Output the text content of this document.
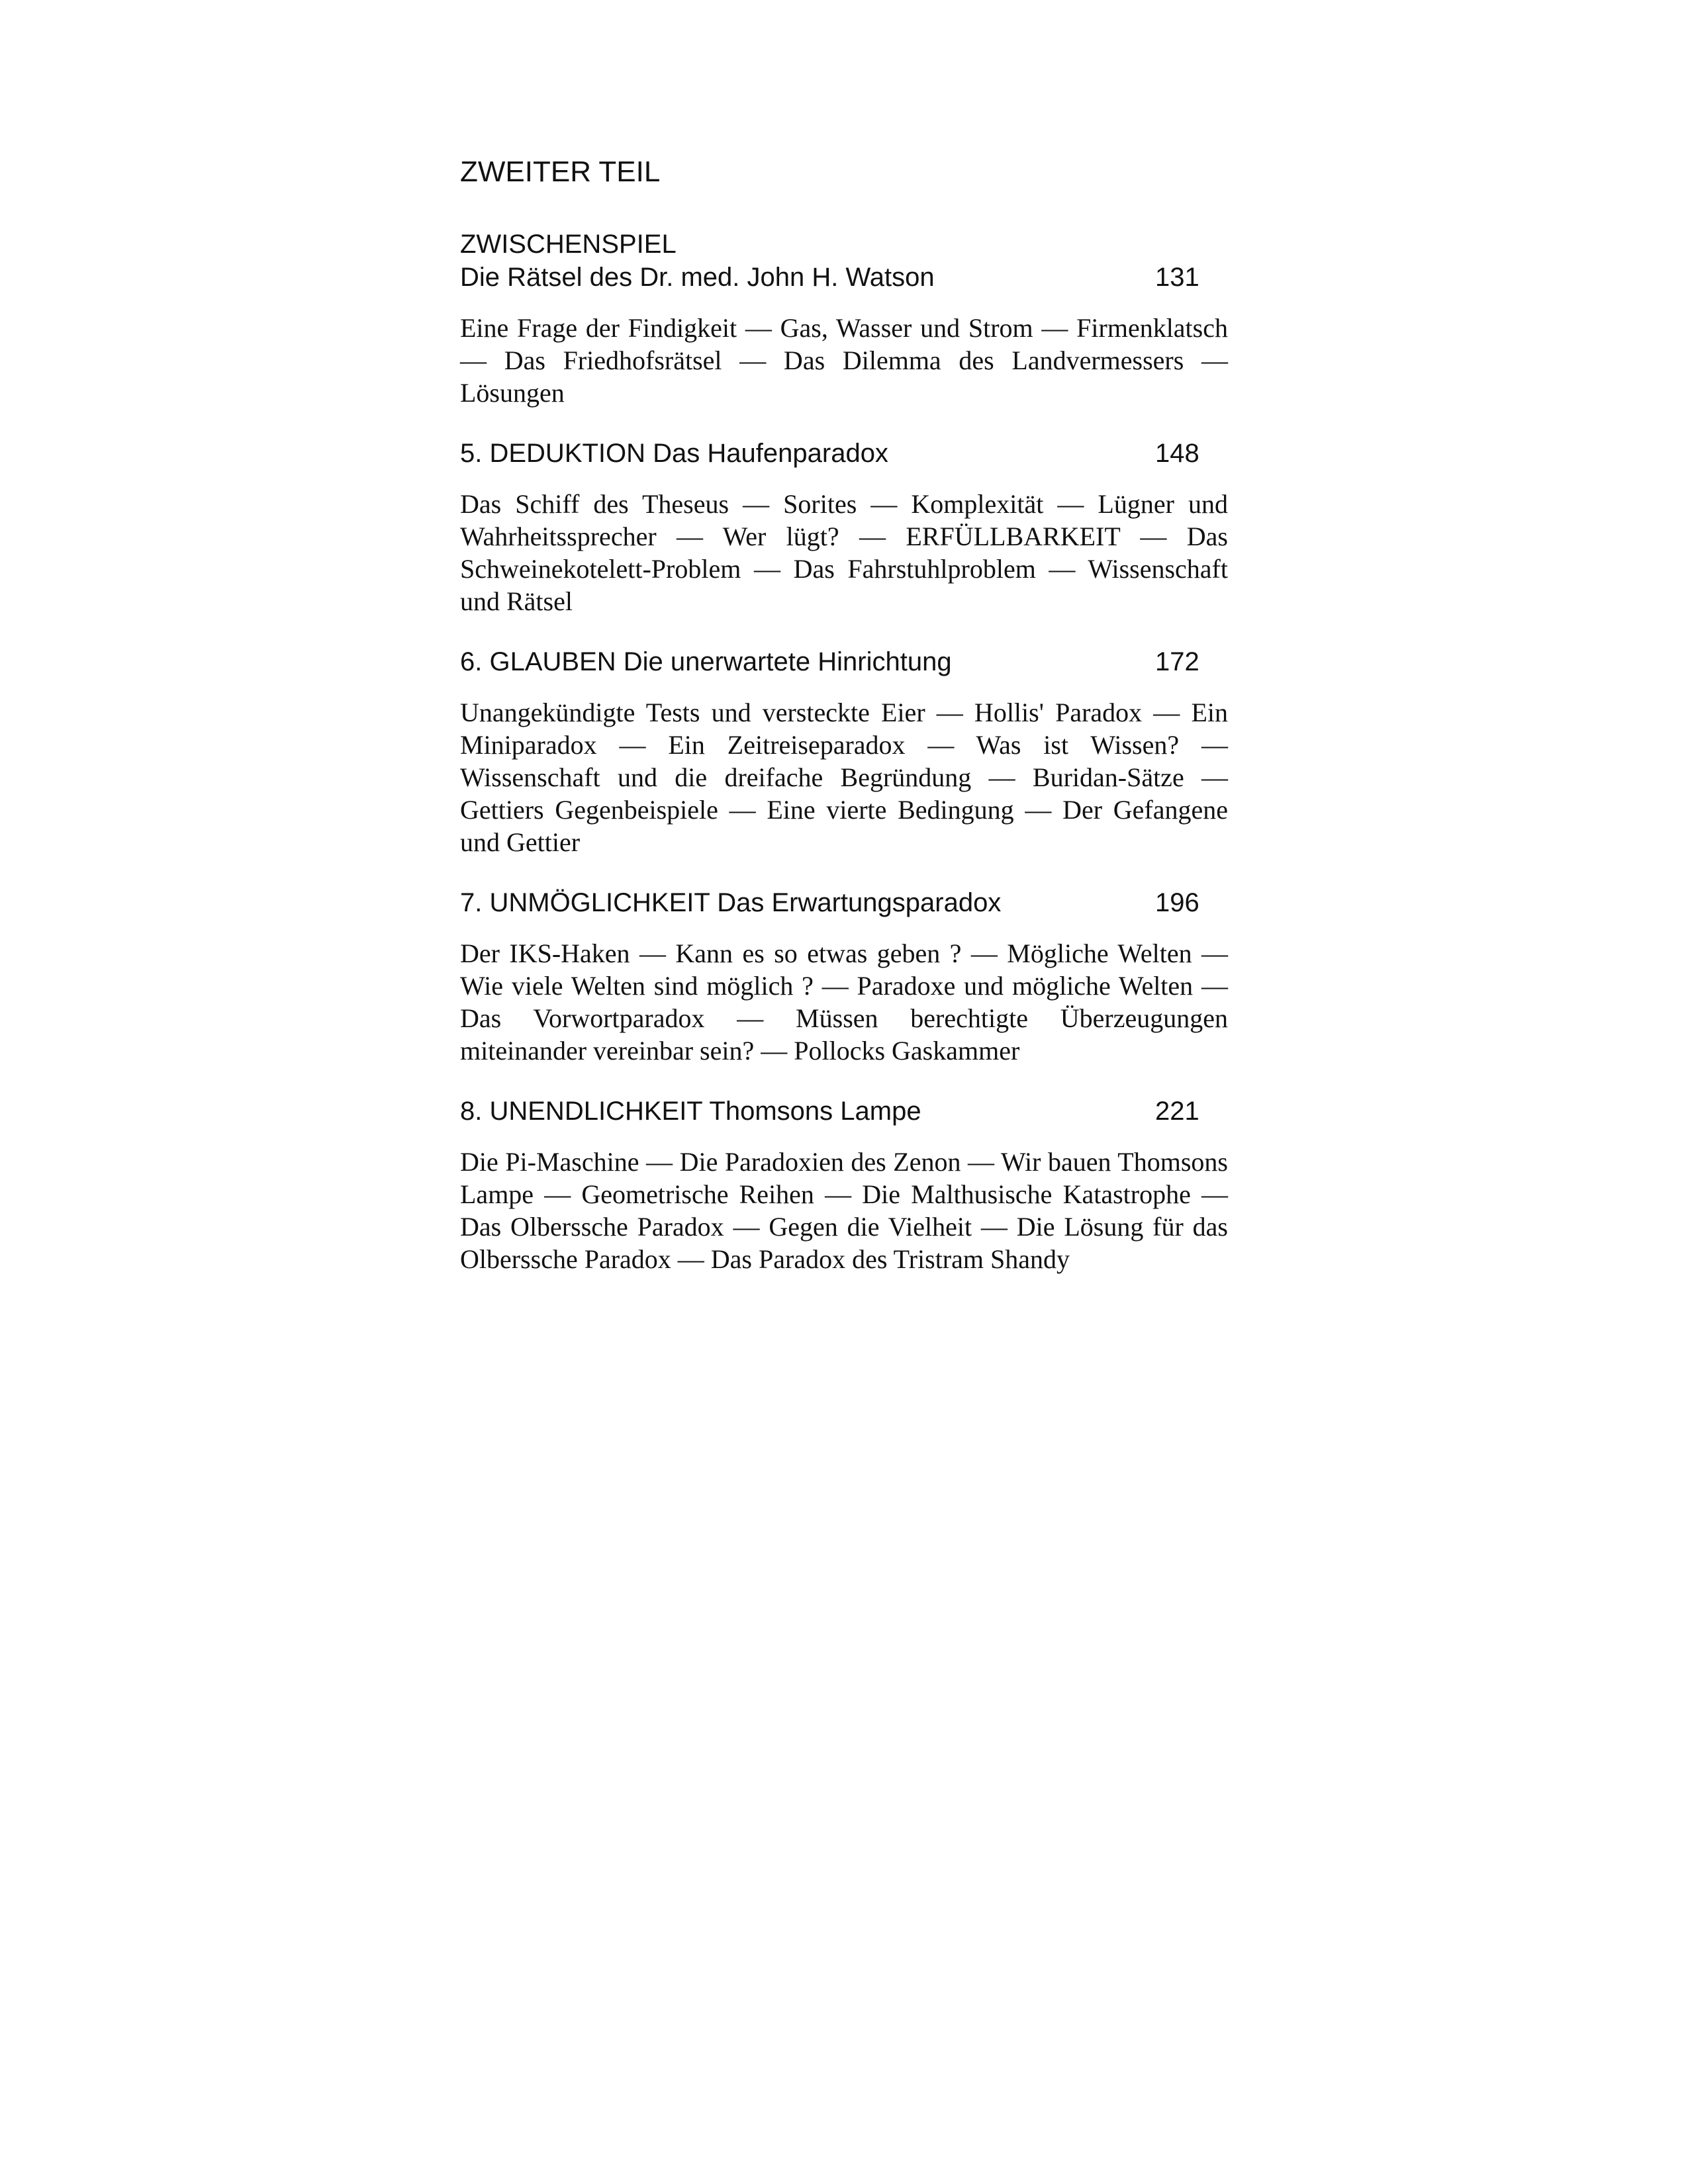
ZWEITER TEIL
ZWISCHENSPIEL
Die Rätsel des Dr. med. John H. Watson	131
Eine Frage der Findigkeit — Gas, Wasser und Strom — Firmenklatsch — Das Friedhofsrätsel — Das Dilemma des Landvermessers — Lösungen
5. DEDUKTION Das Haufenparadox	148
Das Schiff des Theseus — Sorites — Komplexität — Lügner und Wahrheitssprecher — Wer lügt? — ERFÜLLBARKEIT — Das Schweinekotelett-Problem — Das Fahrstuhlproblem — Wissenschaft und Rätsel
6. GLAUBEN Die unerwartete Hinrichtung	172
Unangekündigte Tests und versteckte Eier — Hollis' Paradox — Ein Miniparadox — Ein Zeitreiseparadox — Was ist Wissen? — Wissenschaft und die dreifache Begründung — Buridan-Sätze —Gettiers Gegenbeispiele — Eine vierte Bedingung — Der Gefangene und Gettier
7. UNMÖGLICHKEIT Das Erwartungsparadox	196
Der IKS-Haken — Kann es so etwas geben ? — Mögliche Welten — Wie viele Welten sind möglich ? — Paradoxe und mögliche Welten — Das Vorwortparadox — Müssen berechtigte Überzeugungen miteinander vereinbar sein? — Pollocks Gaskammer
8. UNENDLICHKEIT Thomsons Lampe	221
Die Pi-Maschine — Die Paradoxien des Zenon — Wir bauen Thomsons Lampe — Geometrische Reihen — Die Malthusische Katastrophe — Das Olberssche Paradox — Gegen die Vielheit — Die Lösung für das Olberssche Paradox — Das Paradox des Tristram Shandy
